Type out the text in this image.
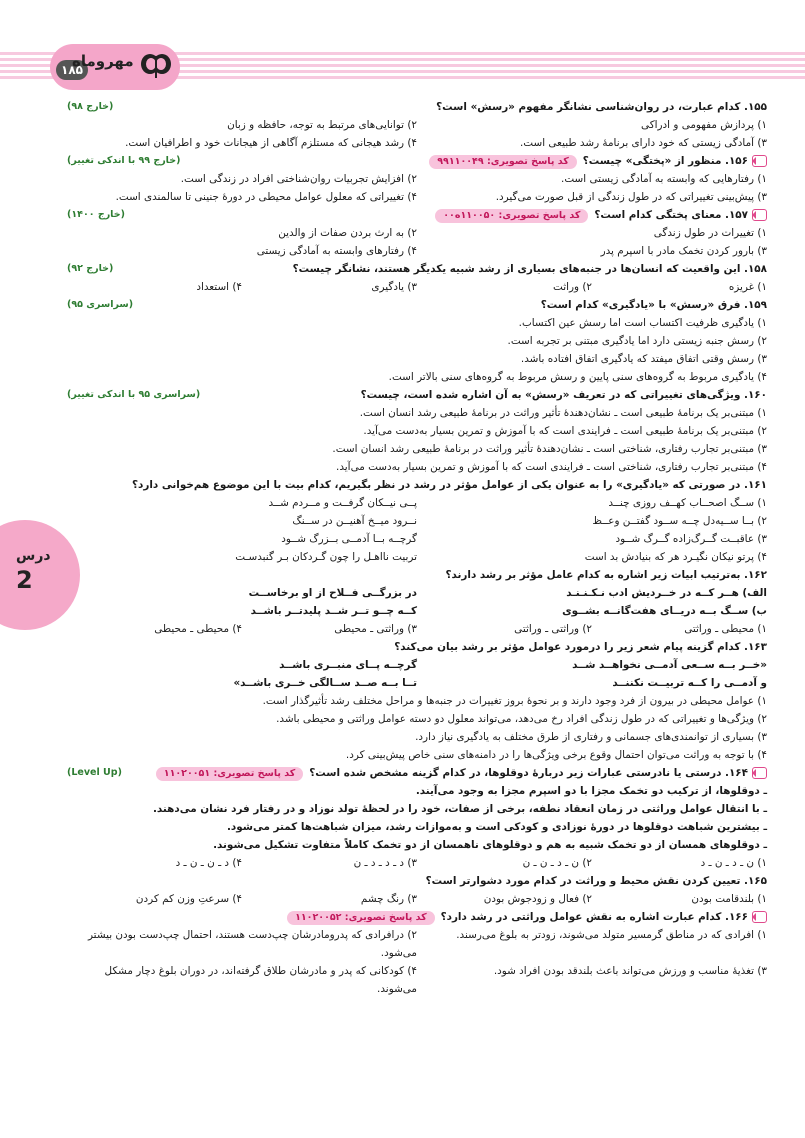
۱۸۵
مهروماه
درس
2
۱۵۵. کدام عبارت، در روان‌شناسی نشانگر مفهوم «رسش» است؟
(خارج ۹۸)
۱) پردازش مفهومی و ادراکی
۲) توانایی‌های مرتبط به توجه، حافظه و زبان
۳) آمادگی زیستی که خود دارای برنامهٔ رشد طبیعی است.
۴) رشد هیجانی که مستلزم آگاهی از هیجانات خود و اطرافیان است.
۱۵۶. منظور از «پختگی» چیست؟کد پاسخ تصویری: ۹۹۱۱۰۰۴۹
(خارج ۹۹ با اندکی تغییر)
۱) رفتارهایی که وابسته به آمادگی زیستی است.
۲) افزایش تجربیات روان‌شناختی افراد در زندگی است.
۳) پیش‌بینی تغییراتی که در طول زندگی از قبل صورت می‌گیرد.
۴) تغییراتی که معلول عوامل محیطی در دورهٔ جنینی تا سالمندی است.
۱۵۷. معنای پختگی کدام است؟کد پاسخ تصویری: ۱۱۰۰۵۰ه۰۰
(خارج ۱۴۰۰)
۱) تغییرات در طول زندگی
۲) به ارث بردن صفات از والدین
۳) بارور کردن تخمک مادر با اسپرم پدر
۴) رفتارهای وابسته به آمادگی زیستی
۱۵۸. این واقعیت که انسان‌ها در جنبه‌های بسیاری از رشد شبیه یکدیگر هستند، نشانگر چیست؟
(خارج ۹۲)
۱) غریزه
۲) وراثت
۳) یادگیری
۴) استعداد
۱۵۹. فرق «رسش» با «یادگیری» کدام است؟
(سراسری ۹۵)
۱) یادگیری ظرفیت اکتساب است اما رسش عین اکتساب.
۲) رسش جنبه زیستی دارد اما یادگیری مبتنی بر تجربه است.
۳) رسش وقتی اتفاق میفتد که یادگیری اتفاق افتاده باشد.
۴) یادگیری مربوط به گروه‌های سنی پایین و رسش مربوط به گروه‌های سنی بالاتر است.
۱۶۰. ویژگی‌های تغییراتی که در تعریف «رسش» به آن اشاره شده است، چیست؟
(سراسری ۹۵ با اندکی تغییر)
۱) مبتنی‌بر یک برنامهٔ طبیعی است ـ نشان‌دهندهٔ تأثیر وراثت در برنامهٔ طبیعی رشد انسان است.
۲) مبتنی‌بر یک برنامهٔ طبیعی است ـ فرایندی است که با آموزش و تمرین بسیار به‌دست می‌آید.
۳) مبتنی‌بر تجارب رفتاری، شناختی است ـ نشان‌دهندهٔ تأثیر وراثت در برنامهٔ طبیعی رشد انسان است.
۴) مبتنی‌بر تجارب رفتاری، شناختی است ـ فرایندی است که با آموزش و تمرین بسیار به‌دست می‌آید.
۱۶۱. در صورتی که «یادگیری» را به عنوان یکی از عوامل مؤثر در رشد در نظر بگیریم، کدام بیت با این موضوع هم‌خوانی دارد؟
۱) ســگ اصحــاب کهــف روزی چنــد
پــی نیــکان گرفــت و مــردم شــد
۲) بــا ســیه‌دل چــه ســود گفتــن وعــظ
نــرود میــخ آهنیــن در ســنگ
۳) عاقبــت گــرگ‌زاده گــرگ شــود
گرچــه بــا آدمــی بــزرگ شــود
۴) پرتو نیکان نگیـرد هر که بنیادش بد است
تربیت نااهـل را چون گـردکان بـر گنبدسـت
۱۶۲. به‌ترتیب ابیات زیر اشاره به کدام عامل مؤثر بر رشد دارند؟
الف) هــر کــه در خــردیش ادب نـکـنـنـد
در بزرگــی فــلاح از او برخاســت
ب) ســگ بــه دریــای هفت‌گانــه بشــوی
کــه چــو تــر شــد پلیدتــر باشــد
۱) محیطی ـ وراثتی
۲) وراثتی ـ وراثتی
۳) وراثتی ـ محیطی
۴) محیطی ـ محیطی
۱۶۳. کدام گزینه پیام شعر زیر را درمورد عوامل مؤثر بر رشد بیان می‌کند؟
«خــر بــه ســعی آدمــی نخواهــد شــد
گرچــه پــای منبــری باشــد
و آدمــی را کــه تربیــت نکننــد
تــا بــه صــد ســالگی خــری باشــد»
۱) عوامل محیطی در بیرون از فرد وجود دارند و بر نحوهٔ بروز تغییرات در جنبه‌ها و مراحل مختلف رشد تأثیرگذار است.
۲) ویژگی‌ها و تغییراتی که در طول زندگی افراد رخ می‌دهد، می‌تواند معلول دو دسته عوامل وراثتی و محیطی باشد.
۳) بسیاری از توانمندی‌های جسمانی و رفتاری از طرق مختلف به یادگیری نیاز دارد.
۴) با توجه به وراثت می‌توان احتمال وقوع برخی ویژگی‌ها را در دامنه‌های سنی خاص پیش‌بینی کرد.
۱۶۴. درستی یا نادرستی عبارات زیر دربارهٔ دوقلوها، در کدام گزینه مشخص شده است؟کد پاسخ تصویری: ۱۱۰۲۰۰۵۱
(Level Up)
ـ دوقلوها، از ترکیب دو تخمک مجزا با دو اسپرم مجزا به وجود می‌آیند.
ـ با انتقال عوامل وراثتی در زمان انعقاد نطفه، برخی از صفات، خود را در لحظهٔ تولد نوزاد و در رفتار فرد نشان می‌دهند.
ـ بیشترین شباهت دوقلوها در دورهٔ نوزادی و کودکی است و به‌موازات رشد، میزان شباهت‌ها کمتر می‌شود.
ـ دوقلوهای همسان از دو تخمک شبیه به هم و دوقلوهای ناهمسان از دو تخمک کاملاً متفاوت تشکیل می‌شوند.
۱) ن ـ د ـ ن ـ د
۲) ن ـ د ـ ن ـ ن
۳) د ـ د ـ د ـ ن
۴) د ـ ن ـ ن ـ د
۱۶۵. تعیین کردن نقش محیط و وراثت در کدام مورد دشوارتر است؟
۱) بلندقامت بودن
۲) فعال و زودجوش بودن
۳) رنگ چشم
۴) سرعتِ وزن کم کردن
۱۶۶. کدام عبارت اشاره به نقش عوامل وراثتی در رشد دارد؟کد پاسخ تصویری: ۱۱۰۲۰۰۵۲
۱) افرادی که در مناطق گرمسیر متولد می‌شوند، زودتر به بلوغ می‌رسند.
۲) درافرادی که پدرومادرشان چپ‌دست هستند، احتمال چپ‌دست بودن بیشتر می‌شود.
۳) تغذیهٔ مناسب و ورزش می‌تواند باعث بلندقد بودن افراد شود.
۴) کودکانی که پدر و مادرشان طلاق گرفته‌اند، در دوران بلوغ دچار مشکل می‌شوند.
